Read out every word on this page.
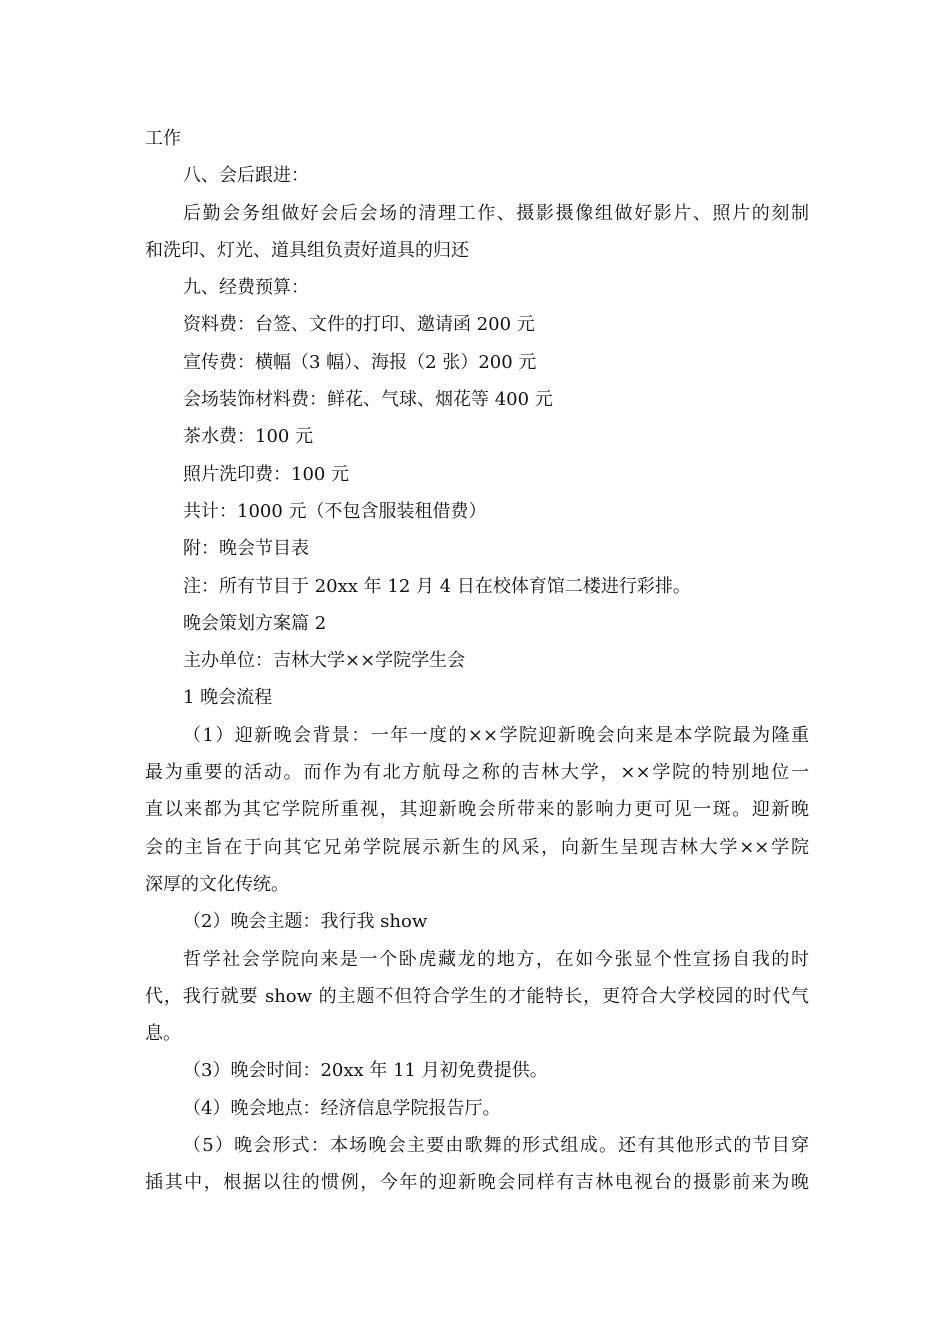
工作
八、会后跟进：
后勤会务组做好会后会场的清理工作、摄影摄像组做好影片、照片的刻制
和洗印、灯光、道具组负责好道具的归还
九、经费预算：
资料费：台签、文件的打印、邀请函 200 元
宣传费：横幅（3 幅）、海报（2 张）200 元
会场装饰材料费：鲜花、气球、烟花等 400 元
茶水费：100 元
照片洗印费：100 元
共计：1000 元（不包含服装租借费）
附：晚会节目表
注：所有节目于 20xx 年 12 月 4 日在校体育馆二楼进行彩排。
晚会策划方案篇 2
主办单位：吉林大学××学院学生会
1 晚会流程
（1）迎新晚会背景：一年一度的××学院迎新晚会向来是本学院最为隆重
最为重要的活动。而作为有北方航母之称的吉林大学，××学院的特别地位一
直以来都为其它学院所重视，其迎新晚会所带来的影响力更可见一斑。迎新晚
会的主旨在于向其它兄弟学院展示新生的风采，向新生呈现吉林大学××学院
深厚的文化传统。
（2）晚会主题：我行我 show
哲学社会学院向来是一个卧虎藏龙的地方，在如今张显个性宣扬自我的时
代，我行就要 show 的主题不但符合学生的才能特长，更符合大学校园的时代气
息。
（3）晚会时间：20xx 年 11 月初免费提供。
（4）晚会地点：经济信息学院报告厅。
（5）晚会形式：本场晚会主要由歌舞的形式组成。还有其他形式的节目穿
插其中，根据以往的惯例，今年的迎新晚会同样有吉林电视台的摄影前来为晚
